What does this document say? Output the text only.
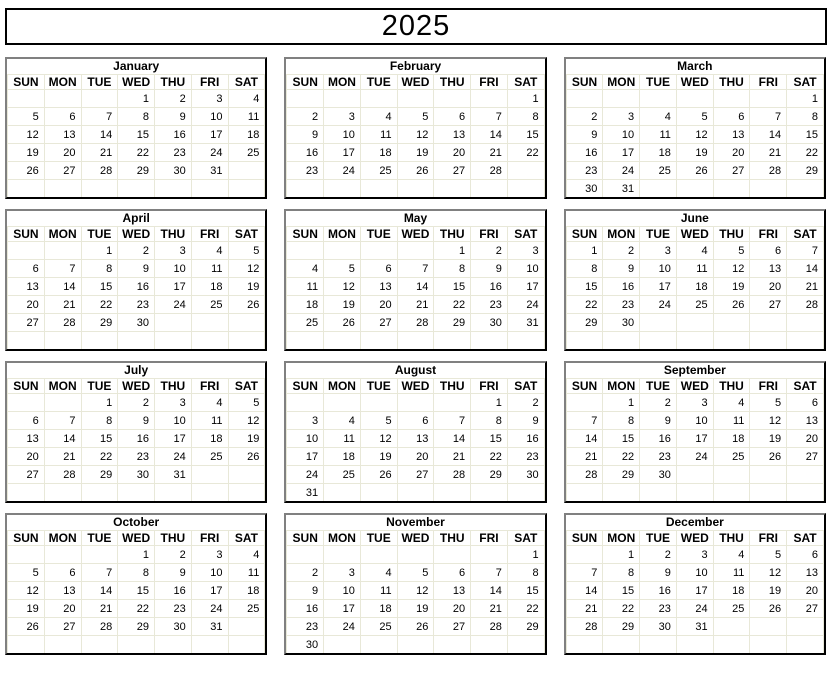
2025
January
SUN	MON	TUE	WED	THU	FRI	SAT
			1	2	3	4
5	6	7	8	9	10	11
12	13	14	15	16	17	18
19	20	21	22	23	24	25
26	27	28	29	30	31	

February
SUN	MON	TUE	WED	THU	FRI	SAT
						1
2	3	4	5	6	7	8
9	10	11	12	13	14	15
16	17	18	19	20	21	22
23	24	25	26	27	28	

March
SUN	MON	TUE	WED	THU	FRI	SAT
						1
2	3	4	5	6	7	8
9	10	11	12	13	14	15
16	17	18	19	20	21	22
23	24	25	26	27	28	29
30	31					
April
SUN	MON	TUE	WED	THU	FRI	SAT
		1	2	3	4	5
6	7	8	9	10	11	12
13	14	15	16	17	18	19
20	21	22	23	24	25	26
27	28	29	30			

May
SUN	MON	TUE	WED	THU	FRI	SAT
				1	2	3
4	5	6	7	8	9	10
11	12	13	14	15	16	17
18	19	20	21	22	23	24
25	26	27	28	29	30	31

June
SUN	MON	TUE	WED	THU	FRI	SAT
1	2	3	4	5	6	7
8	9	10	11	12	13	14
15	16	17	18	19	20	21
22	23	24	25	26	27	28
29	30					

July
SUN	MON	TUE	WED	THU	FRI	SAT
		1	2	3	4	5
6	7	8	9	10	11	12
13	14	15	16	17	18	19
20	21	22	23	24	25	26
27	28	29	30	31		

August
SUN	MON	TUE	WED	THU	FRI	SAT
					1	2
3	4	5	6	7	8	9
10	11	12	13	14	15	16
17	18	19	20	21	22	23
24	25	26	27	28	29	30
31						
September
SUN	MON	TUE	WED	THU	FRI	SAT
	1	2	3	4	5	6
7	8	9	10	11	12	13
14	15	16	17	18	19	20
21	22	23	24	25	26	27
28	29	30				

October
SUN	MON	TUE	WED	THU	FRI	SAT
			1	2	3	4
5	6	7	8	9	10	11
12	13	14	15	16	17	18
19	20	21	22	23	24	25
26	27	28	29	30	31	

November
SUN	MON	TUE	WED	THU	FRI	SAT
						1
2	3	4	5	6	7	8
9	10	11	12	13	14	15
16	17	18	19	20	21	22
23	24	25	26	27	28	29
30						
December
SUN	MON	TUE	WED	THU	FRI	SAT
	1	2	3	4	5	6
7	8	9	10	11	12	13
14	15	16	17	18	19	20
21	22	23	24	25	26	27
28	29	30	31			
